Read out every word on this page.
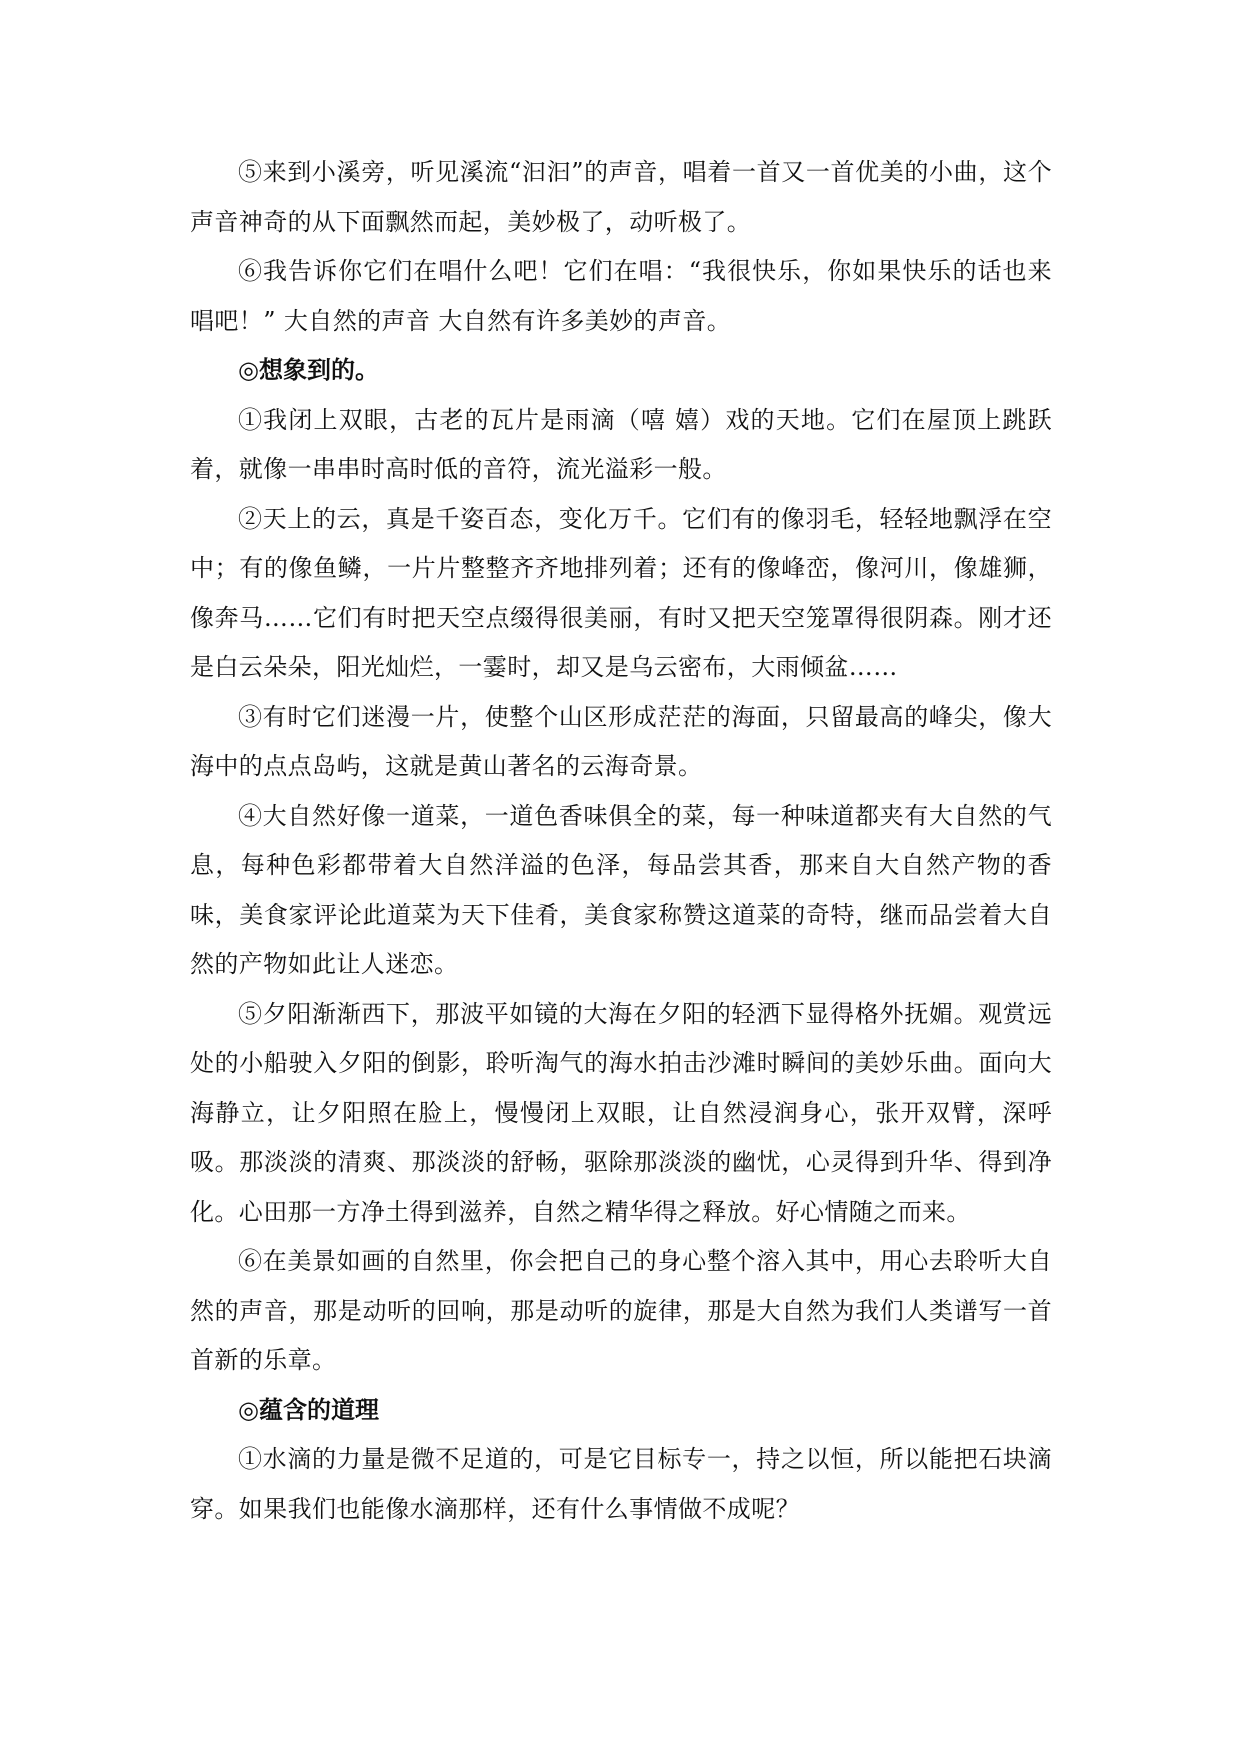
⑤来到小溪旁，听见溪流“汩汩”的声音，唱着一首又一首优美的小曲，这个声音神奇的从下面飘然而起，美妙极了，动听极了。

⑥我告诉你它们在唱什么吧！它们在唱：“我很快乐，你如果快乐的话也来唱吧！” 大自然的声音 大自然有许多美妙的声音。

◎想象到的。

①我闭上双眼，古老的瓦片是雨滴（嘻 嬉）戏的天地。它们在屋顶上跳跃着，就像一串串时高时低的音符，流光溢彩一般。

②天上的云，真是千姿百态，变化万千。它们有的像羽毛，轻轻地飘浮在空中；有的像鱼鳞，一片片整整齐齐地排列着；还有的像峰峦，像河川，像雄狮，像奔马……它们有时把天空点缀得很美丽，有时又把天空笼罩得很阴森。刚才还是白云朵朵，阳光灿烂，一霎时，却又是乌云密布，大雨倾盆……

③有时它们迷漫一片，使整个山区形成茫茫的海面，只留最高的峰尖，像大海中的点点岛屿，这就是黄山著名的云海奇景。

④大自然好像一道菜，一道色香味俱全的菜，每一种味道都夹有大自然的气息，每种色彩都带着大自然洋溢的色泽，每品尝其香，那来自大自然产物的香味，美食家评论此道菜为天下佳肴，美食家称赞这道菜的奇特，继而品尝着大自然的产物如此让人迷恋。

⑤夕阳渐渐西下，那波平如镜的大海在夕阳的轻洒下显得格外抚媚。观赏远处的小船驶入夕阳的倒影，聆听淘气的海水拍击沙滩时瞬间的美妙乐曲。面向大海静立，让夕阳照在脸上，慢慢闭上双眼，让自然浸润身心，张开双臂，深呼吸。那淡淡的清爽、那淡淡的舒畅，驱除那淡淡的幽忧，心灵得到升华、得到净化。心田那一方净土得到滋养，自然之精华得之释放。好心情随之而来。

⑥在美景如画的自然里，你会把自己的身心整个溶入其中，用心去聆听大自然的声音，那是动听的回响，那是动听的旋律，那是大自然为我们人类谱写一首首新的乐章。

◎蕴含的道理

①水滴的力量是微不足道的，可是它目标专一，持之以恒，所以能把石块滴穿。如果我们也能像水滴那样，还有什么事情做不成呢？
